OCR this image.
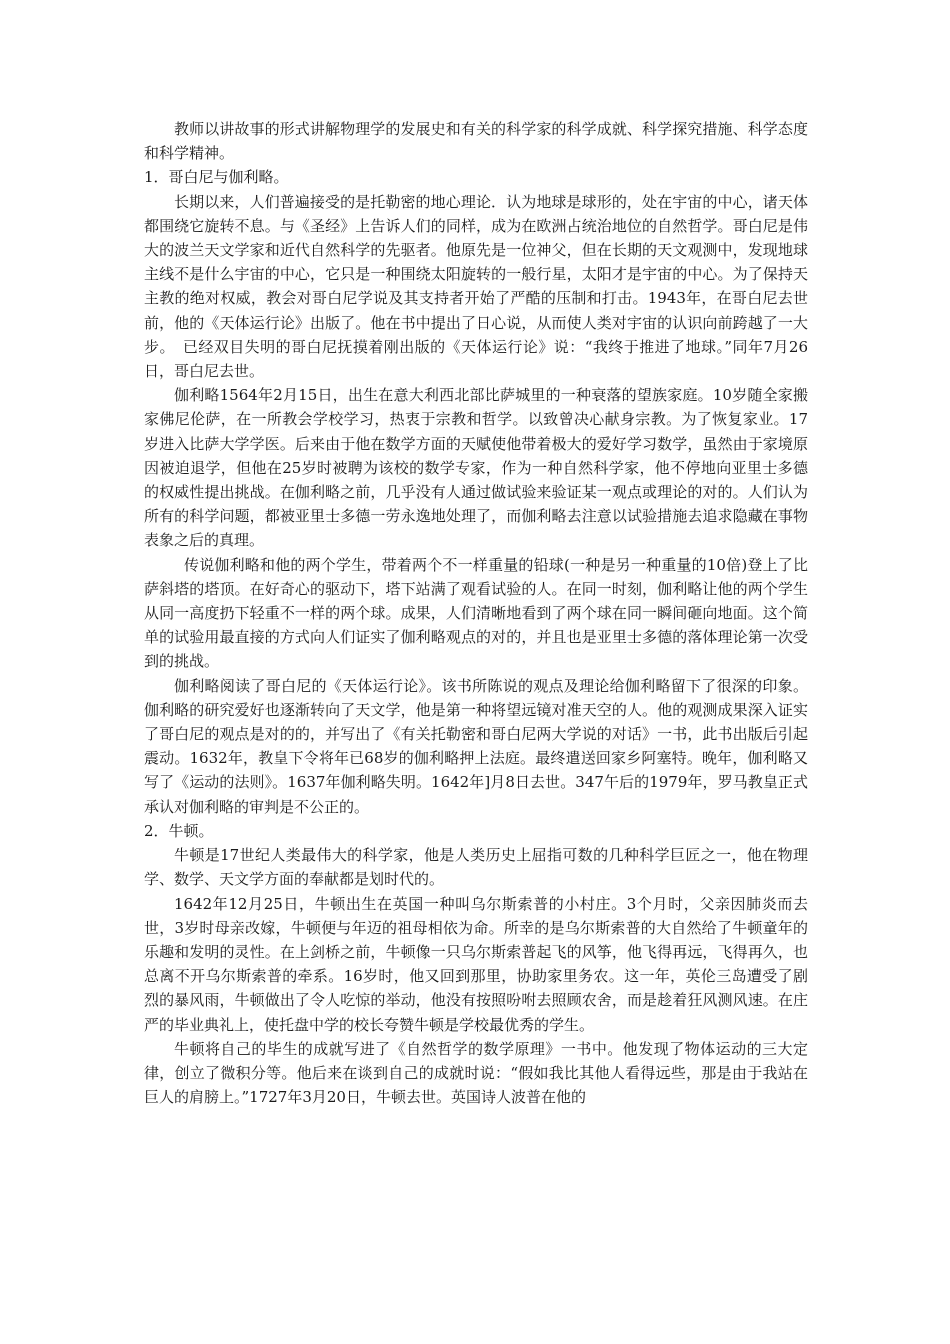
教师以讲故事的形式讲解物理学的发展史和有关的科学家的科学成就、科学探究措施、科学态度和科学精神。

1．哥白尼与伽利略。

长期以来，人们普遍接受的是托勒密的地心理论．认为地球是球形的，处在宇宙的中心，诸天体都围绕它旋转不息。与《圣经》上告诉人们的同样，成为在欧洲占统治地位的自然哲学。哥白尼是伟大的波兰天文学家和近代自然科学的先驱者。他原先是一位神父，但在长期的天文观测中，发现地球主线不是什么宇宙的中心，它只是一种围绕太阳旋转的一般行星，太阳才是宇宙的中心。为了保持天主教的绝对权威，教会对哥白尼学说及其支持者开始了严酷的压制和打击。1943年，在哥白尼去世前，他的《天体运行论》出版了。他在书中提出了日心说，从而使人类对宇宙的认识向前跨越了一大步。　已经双目失明的哥白尼抚摸着刚出版的《天体运行论》说：“我终于推进了地球。”同年7月26日，哥白尼去世。

伽利略1564年2月15日，出生在意大利西北部比萨城里的一种衰落的望族家庭。10岁随全家搬家佛尼伦萨，在一所教会学校学习，热衷于宗教和哲学。以致曾决心献身宗教。为了恢复家业。17岁进入比萨大学学医。后来由于他在数学方面的天赋使他带着极大的爱好学习数学，虽然由于家境原因被迫退学，但他在25岁时被聘为该校的数学专家，作为一种自然科学家，他不停地向亚里士多德的权威性提出挑战。在伽利略之前，几乎没有人通过做试验来验证某一观点或理论的对的。人们认为所有的科学问题，都被亚里士多德一劳永逸地处理了，而伽利略去注意以试验措施去追求隐藏在事物表象之后的真理。

传说伽利略和他的两个学生，带着两个不一样重量的铅球(一种是另一种重量的10倍)登上了比萨斜塔的塔顶。在好奇心的驱动下，塔下站满了观看试验的人。在同一时刻，伽利略让他的两个学生从同一高度扔下轻重不一样的两个球。成果，人们清晰地看到了两个球在同一瞬间砸向地面。这个简单的试验用最直接的方式向人们证实了伽利略观点的对的，并且也是亚里士多德的落体理论第一次受到的挑战。

伽利略阅读了哥白尼的《天体运行论》。该书所陈说的观点及理论给伽利略留下了很深的印象。伽利略的研究爱好也逐渐转向了天文学，他是第一种将望远镜对准天空的人。他的观测成果深入证实了哥白尼的观点是对的的，并写出了《有关托勒密和哥白尼两大学说的对话》一书，此书出版后引起震动。1632年，教皇下令将年已68岁的伽利略押上法庭。最终遣送回家乡阿塞特。晚年，伽利略又写了《运动的法则》。1637年伽利略失明。1642年]月8日去世。347午后的1979年，罗马教皇正式承认对伽利略的审判是不公正的。

2．牛顿。

牛顿是17世纪人类最伟大的科学家，他是人类历史上屈指可数的几种科学巨匠之一，他在物理学、数学、天文学方面的奉献都是划时代的。

1642年12月25日，牛顿出生在英国一种叫乌尔斯索普的小村庄。3个月时，父亲因肺炎而去世，3岁时母亲改嫁，牛顿便与年迈的祖母相依为命。所幸的是乌尔斯索普的大自然给了牛顿童年的乐趣和发明的灵性。在上剑桥之前，牛顿像一只乌尔斯索普起飞的风筝，他飞得再远，飞得再久，也总离不开乌尔斯索普的牵系。16岁时，他又回到那里，协助家里务农。这一年，英伦三岛遭受了剧烈的暴风雨，牛顿做出了令人吃惊的举动，他没有按照吩咐去照顾农舍，而是趁着狂风测风速。在庄严的毕业典礼上，使托盘中学的校长夸赞牛顿是学校最优秀的学生。

牛顿将自己的毕生的成就写进了《自然哲学的数学原理》一书中。他发现了物体运动的三大定律，创立了微积分等。他后来在谈到自己的成就时说：“假如我比其他人看得远些，那是由于我站在巨人的肩膀上。”1727年3月20日，牛顿去世。英国诗人波普在他的
